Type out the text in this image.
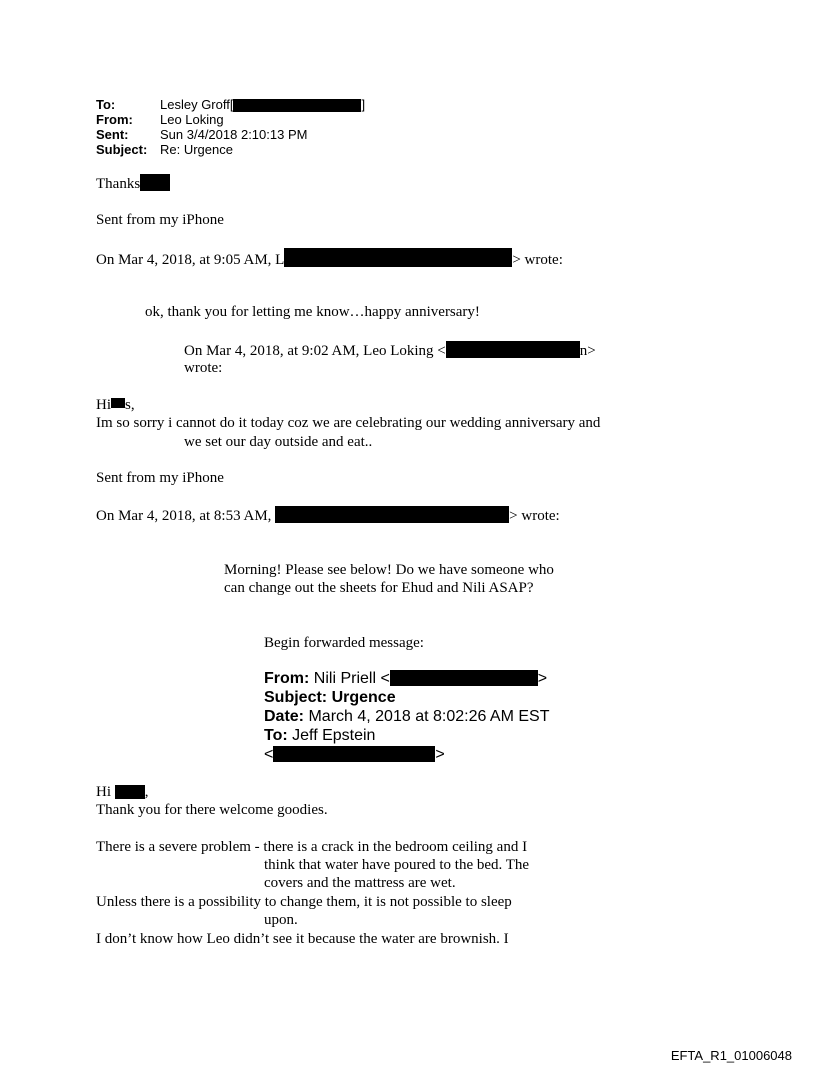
To:	Lesley Groff[	]
From: Leo Loking
Sent: Sun 3/4/2018 2:10:13 PM
Subject: Re: Urgence
Thanks
Sent from my iPhone
On Mar 4, 2018, at 9:05 AM, L	> wrote:
ok, thank you for letting me know…happy anniversary!
On Mar 4, 2018, at 9:02 AM, Leo Loking <	n>
wrote:
Hi s,
Im so sorry i cannot do it today coz we are celebrating our wedding anniversary and
we set our day outside and eat..
Sent from my iPhone
On Mar 4, 2018, at 8:53 AM,	> wrote:
Morning! Please see below! Do we have someone who
can change out the sheets for Ehud and Nili ASAP?
Begin forwarded message:
From: Nili Priell <	>
Subject: Urgence
Date: March 4, 2018 at 8:02:26 AM EST
To: Jeff Epstein
<	>
Hi ,
Thank you for there welcome goodies.
There is a severe problem - there is a crack in the bedroom ceiling and I
think that water have poured to the bed. The
covers and the mattress are wet.
Unless there is a possibility to change them, it is not possible to sleep
upon.
I don’t know how Leo didn’t see it because the water are brownish. I
EFTA_R1_01006048
